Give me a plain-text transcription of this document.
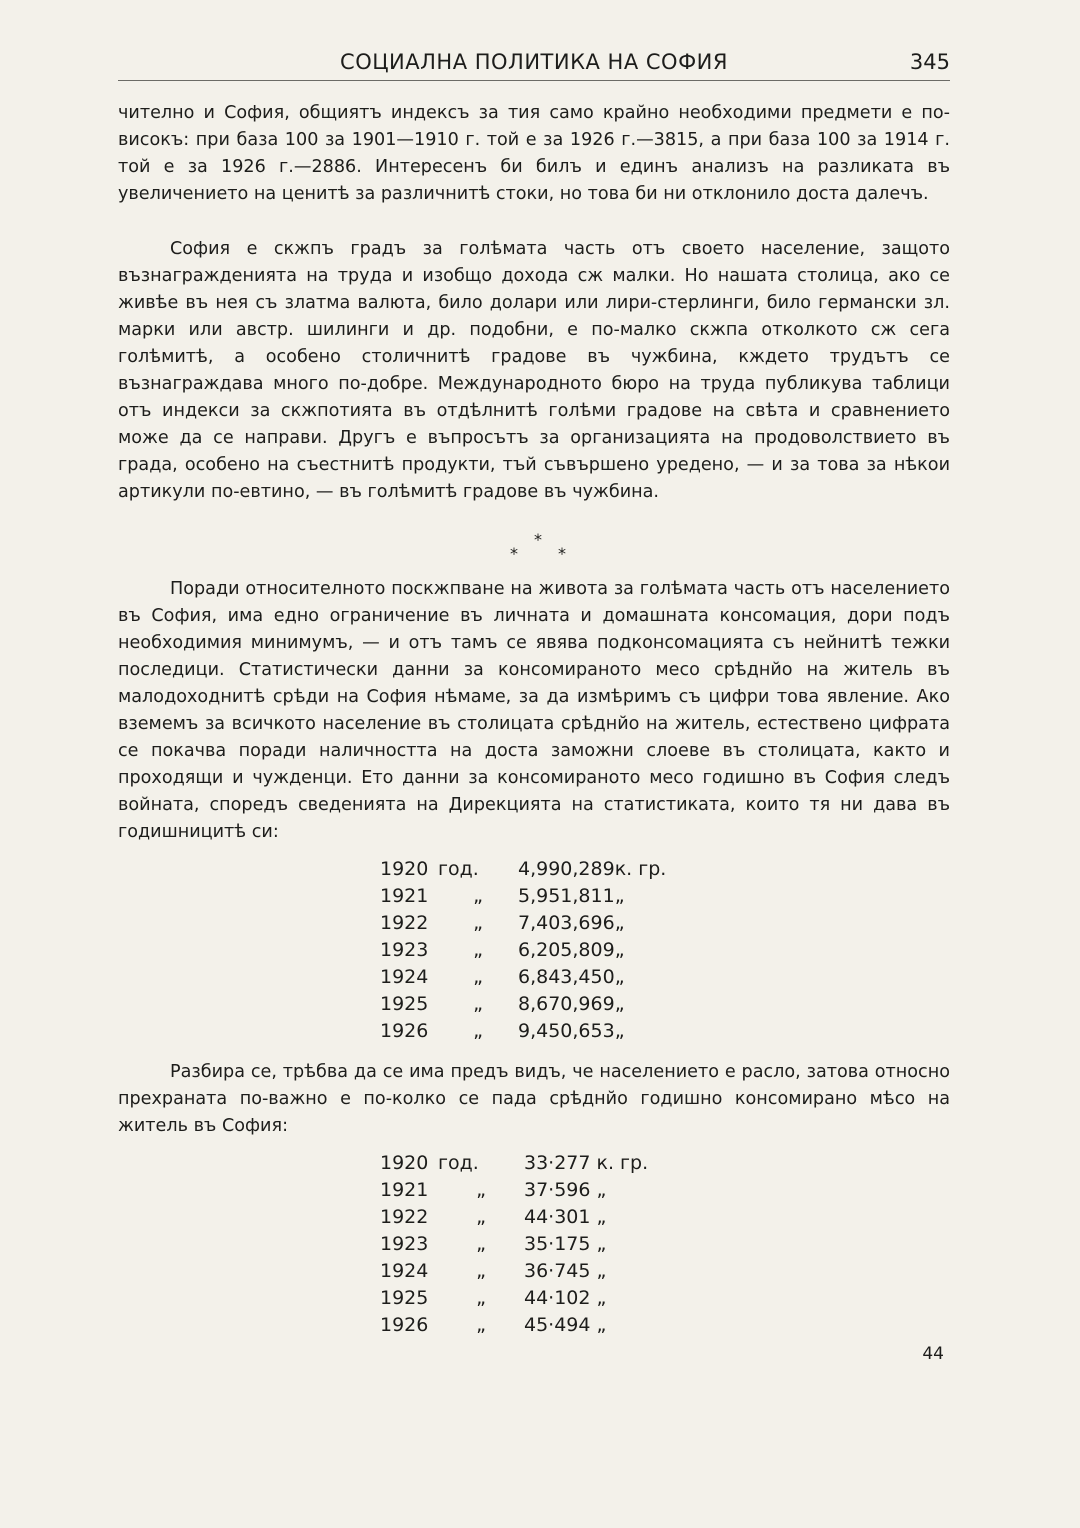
СОЦИАЛНА ПОЛИТИКА НА СОФИЯ	345

чително и София, общиятъ индексъ за тия само крайно необходими предмети е по-високъ: при база 100 за 1901—1910 г. той е за 1926 г.—3815, а при база 100 за 1914 г. той е за 1926 г.—2886. Интересенъ би билъ и единъ анализъ на разликата въ увеличението на ценитѣ за различнитѣ стоки, но това би ни отклонило доста далечъ.

София е скжпъ градъ за голѣмата часть отъ своето население, защото възнагражденията на труда и изобщо дохода сж малки. Но нашата столица, ако се живѣе въ нея съ златма валюта, било долари или лири-стерлинги, било германски зл. марки или австр. шилинги и др. подобни, е по-малко скжпа отколкото сж сега голѣмитѣ, а особено столичнитѣ градове въ чужбина, кждето трудътъ се възнаграждава много по-добре. Международното бюро на труда публикува таблици отъ индекси за скжпотията въ отдѣлнитѣ голѣми градове на свѣта и сравнението може да се направи. Другъ е въпросътъ за организацията на продоволствието въ града, особено на съестнитѣ продукти, тъй съвършено уредено, — и за това за нѣкои артикули по-евтино, — въ голѣмитѣ градове въ чужбина.

*
*	*

Поради относителното поскжпване на живота за голѣмата часть отъ населението въ София, има едно ограничение въ личната и домашната консомация, дори подъ необходимия минимумъ, — и отъ тамъ се явява подконсомацията съ нейнитѣ тежки последици. Статистически данни за консомираното месо срѣднйо на житель въ малодоходнитѣ срѣди на София нѣмаме, за да измѣримъ съ цифри това явление. Ако вземемъ за всичкото население въ столицата срѣднйо на житель, естествено цифрата се покачва поради наличността на доста заможни слоеве въ столицата, както и проходящи и чужденци. Ето данни за консомираното месо годишно въ София следъ войната, споредъ сведенията на Дирекцията на статистиката, които тя ни дава въ годишницитѣ си:

1920	год.	4,990,289	к. гр.
1921	„	5,951,811	„
1922	„	7,403,696	„
1923	„	6,205,809	„
1924	„	6,843,450	„
1925	„	8,670,969	„
1926	„	9,450,653	„

Разбира се, трѣбва да се има предъ видъ, че населението е расло, затова относно прехраната по-важно е по-колко се пада срѣднйо годишно консомирано мѣсо на житель въ София:

1920	год.	33·277	к. гр.
1921	„	37·596	„
1922	„	44·301	„
1923	„	35·175	„
1924	„	36·745	„
1925	„	44·102	„
1926	„	45·494	„
44
